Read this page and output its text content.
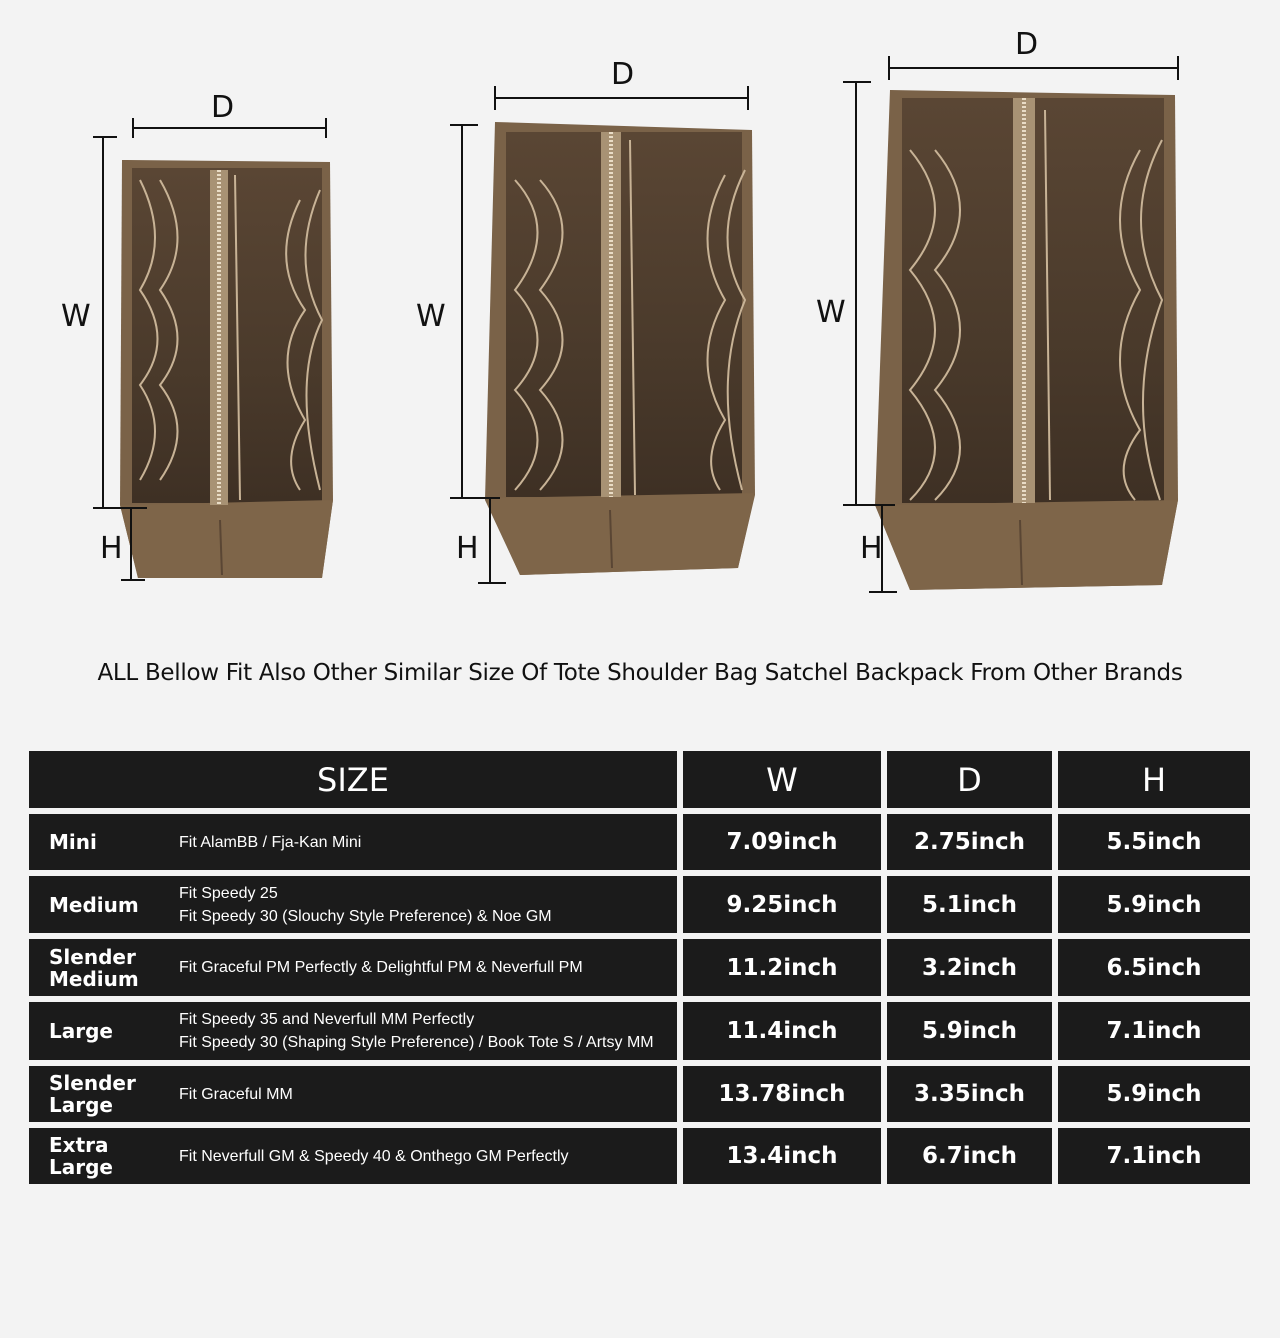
D
W
H
D
W
H
D
W
H
ALL Bellow Fit Also Other Similar Size Of Tote Shoulder Bag Satchel Backpack From Other Brands
SIZE	W	D	H
Mini	Fit AlamBB / Fja-Kan Mini	7.09inch	2.75inch	5.5inch
Medium	Fit Speedy 25
Fit Speedy 30 (Slouchy Style Preference) & Noe GM	9.25inch	5.1inch	5.9inch
Slender
Medium	Fit Graceful PM Perfectly & Delightful PM & Neverfull PM	11.2inch	3.2inch	6.5inch
Large	Fit Speedy 35 and Neverfull MM Perfectly
Fit Speedy 30 (Shaping Style Preference) / Book Tote S / Artsy MM	11.4inch	5.9inch	7.1inch
Slender
Large	Fit Graceful MM	13.78inch	3.35inch	5.9inch
Extra
Large	Fit Neverfull GM & Speedy 40 & Onthego GM Perfectly	13.4inch	6.7inch	7.1inch
